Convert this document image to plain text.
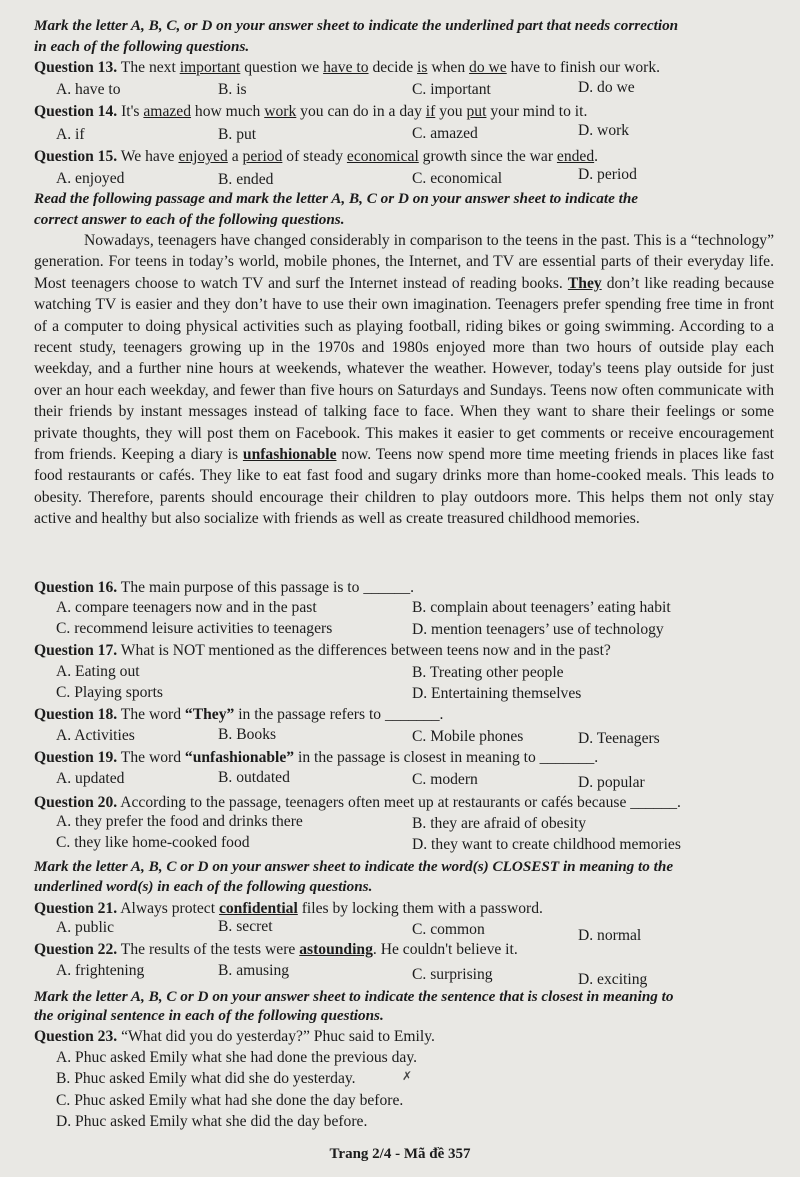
Mark the letter A, B, C, or D on your answer sheet to indicate the underlined part that needs correction
in each of the following questions.
Question 13. The next important question we have to decide is when do we have to finish our work.
A. have to	B. is	C. important	D. do we
Question 14. It's amazed how much work you can do in a day if you put your mind to it.
A. if	B. put	C. amazed	D. work
Question 15. We have enjoyed a period of steady economical growth since the war ended.
A. enjoyed	B. ended	C. economical	D. period
Read the following passage and mark the letter A, B, C or D on your answer sheet to indicate the
correct answer to each of the following questions.
Nowadays, teenagers have changed considerably in comparison to the teens in the past. This is a “technology” generation. For teens in today’s world, mobile phones, the Internet, and TV are essential parts of their everyday life. Most teenagers choose to watch TV and surf the Internet instead of reading books. They don’t like reading because watching TV is easier and they don’t have to use their own imagination. Teenagers prefer spending free time in front of a computer to doing physical activities such as playing football, riding bikes or going swimming. According to a recent study, teenagers growing up in the 1970s and 1980s enjoyed more than two hours of outside play each weekday, and a further nine hours at weekends, whatever the weather. However, today's teens play outside for just over an hour each weekday, and fewer than five hours on Saturdays and Sundays. Teens now often communicate with their friends by instant messages instead of talking face to face. When they want to share their feelings or some private thoughts, they will post them on Facebook. This makes it easier to get comments or receive encouragement from friends. Keeping a diary is unfashionable now. Teens now spend more time meeting friends in places like fast food restaurants or cafés. They like to eat fast food and sugary drinks more than home-cooked meals. This leads to obesity. Therefore, parents should encourage their children to play outdoors more. This helps them not only stay active and healthy but also socialize with friends as well as create treasured childhood memories.
Question 16. The main purpose of this passage is to ______.
A. compare teenagers now and in the past	B. complain about teenagers’ eating habit
C. recommend leisure activities to teenagers	D. mention teenagers’ use of technology
Question 17. What is NOT mentioned as the differences between teens now and in the past?
A. Eating out	B. Treating other people
C. Playing sports	D. Entertaining themselves
Question 18. The word “They” in the passage refers to _______.
A. Activities	B. Books	C. Mobile phones	D. Teenagers
Question 19. The word “unfashionable” in the passage is closest in meaning to _______.
A. updated	B. outdated	C. modern	D. popular
Question 20. According to the passage, teenagers often meet up at restaurants or cafés because ______.
A. they prefer the food and drinks there	B. they are afraid of obesity
C. they like home-cooked food	D. they want to create childhood memories
Mark the letter A, B, C or D on your answer sheet to indicate the word(s) CLOSEST in meaning to the
underlined word(s) in each of the following questions.
Question 21. Always protect confidential files by locking them with a password.
A. public	B. secret	C. common	D. normal
Question 22. The results of the tests were astounding. He couldn't believe it.
A. frightening	B. amusing	C. surprising	D. exciting
Mark the letter A, B, C or D on your answer sheet to indicate the sentence that is closest in meaning to
the original sentence in each of the following questions.
Question 23. “What did you do yesterday?” Phuc said to Emily.
A. Phuc asked Emily what she had done the previous day.
B. Phuc asked Emily what did she do yesterday.	✗
C. Phuc asked Emily what had she done the day before.
D. Phuc asked Emily what she did the day before.
Trang 2/4 - Mã đề 357
